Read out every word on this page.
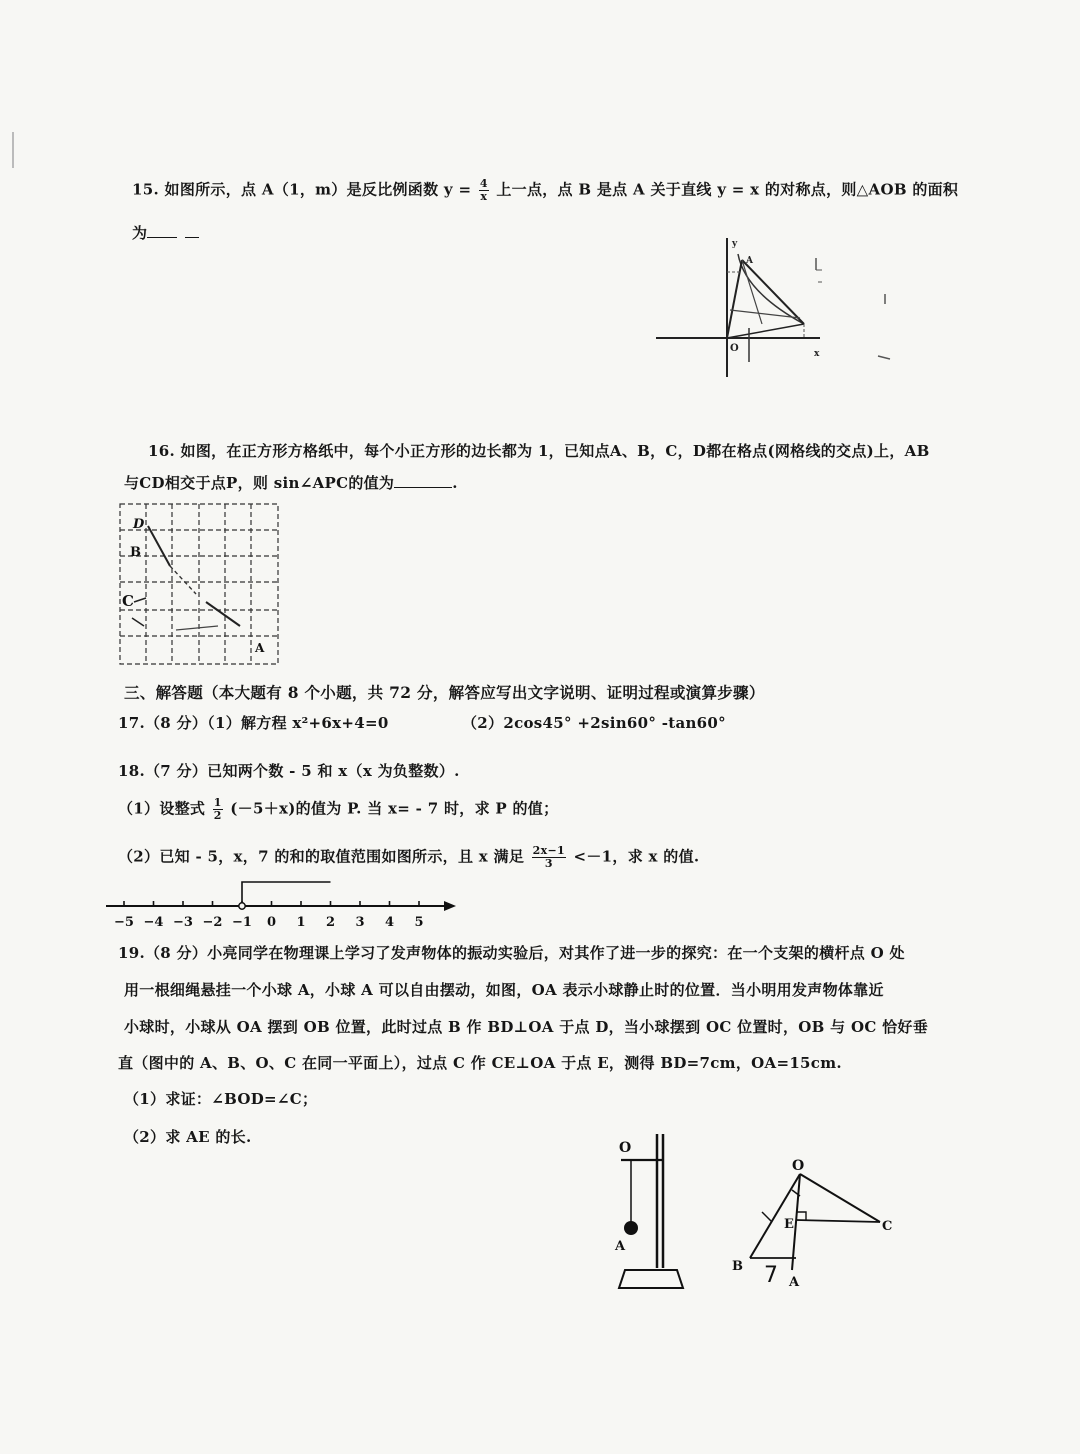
15. 如图所示，点 A（1，m）是反比例函数 $y = \frac{4}{x}$ 上一点，点 B 是点 A 关于直线 y = x 的对称点，则△AOB 的面积
为
y
x
O
A
16. 如图，在正方形方格纸中，每个小正方形的边长都为 1，已知点A、B，C，D都在格点(网格线的交点)上，AB
与CD相交于点P，则 sin∠APC的值为	.
D
B
C
A
三、解答题（本大题有 8 个小题，共 72 分，解答应写出文字说明、证明过程或演算步骤）
17.（8 分）（1）解方程 x²+6x+4=0	（2）2cos45° +2sin60° -tan60°
18.（7 分）已知两个数 - 5 和 x（x 为负整数）.
（1）设整式 $\frac{1}{2} (-5+x)$的值为 P. 当 x= - 7 时，求 P 的值；
（2）已知 - 5，x，7 的和的取值范围如图所示，且 x 满足 $\frac{2x-1}{3} <-1$，求 x 的值.
−5 −4 −3 −2 −1 0 1 2 3 4 5
19.（8 分）小亮同学在物理课上学习了发声物体的振动实验后，对其作了进一步的探究：在一个支架的横杆点 O 处
用一根细绳悬挂一个小球 A，小球 A 可以自由摆动，如图，OA 表示小球静止时的位置．当小明用发声物体靠近
小球时，小球从 OA 摆到 OB 位置，此时过点 B 作 BD⊥OA 于点 D，当小球摆到 OC 位置时，OB 与 OC 恰好垂
直（图中的 A、B、O、C 在同一平面上），过点 C 作 CE⊥OA 于点 E，测得 BD=7cm，OA=15cm.
（1）求证：∠BOD=∠C；
（2）求 AE 的长.
O
A
O
E	C
B
A
7
